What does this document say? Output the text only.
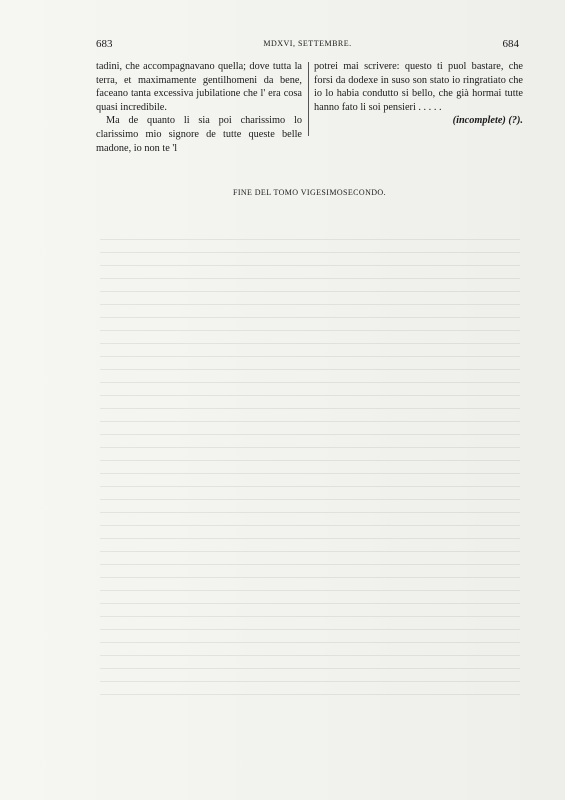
683	MDXVI, SETTEMBRE.	684

tadini, che accompagnavano quella; dove tutta la terra, et maximamente gentilhomeni da bene, faceano tanta excessiva jubilatione che l' era cosa quasi incredibile.

Ma de quanto li sia poi charissimo lo clarissimo mio signore de tutte queste belle madone, io non te 'l

potrei mai scrivere: questo ti puol bastare, che forsi da dodexe in suso son stato io ringratiato che io lo habia condutto si bello, che già hormai tutte hanno fato li soi pensieri . . . . .

(incomplete) (?).

FINE DEL TOMO VIGESIMOSECONDO.
